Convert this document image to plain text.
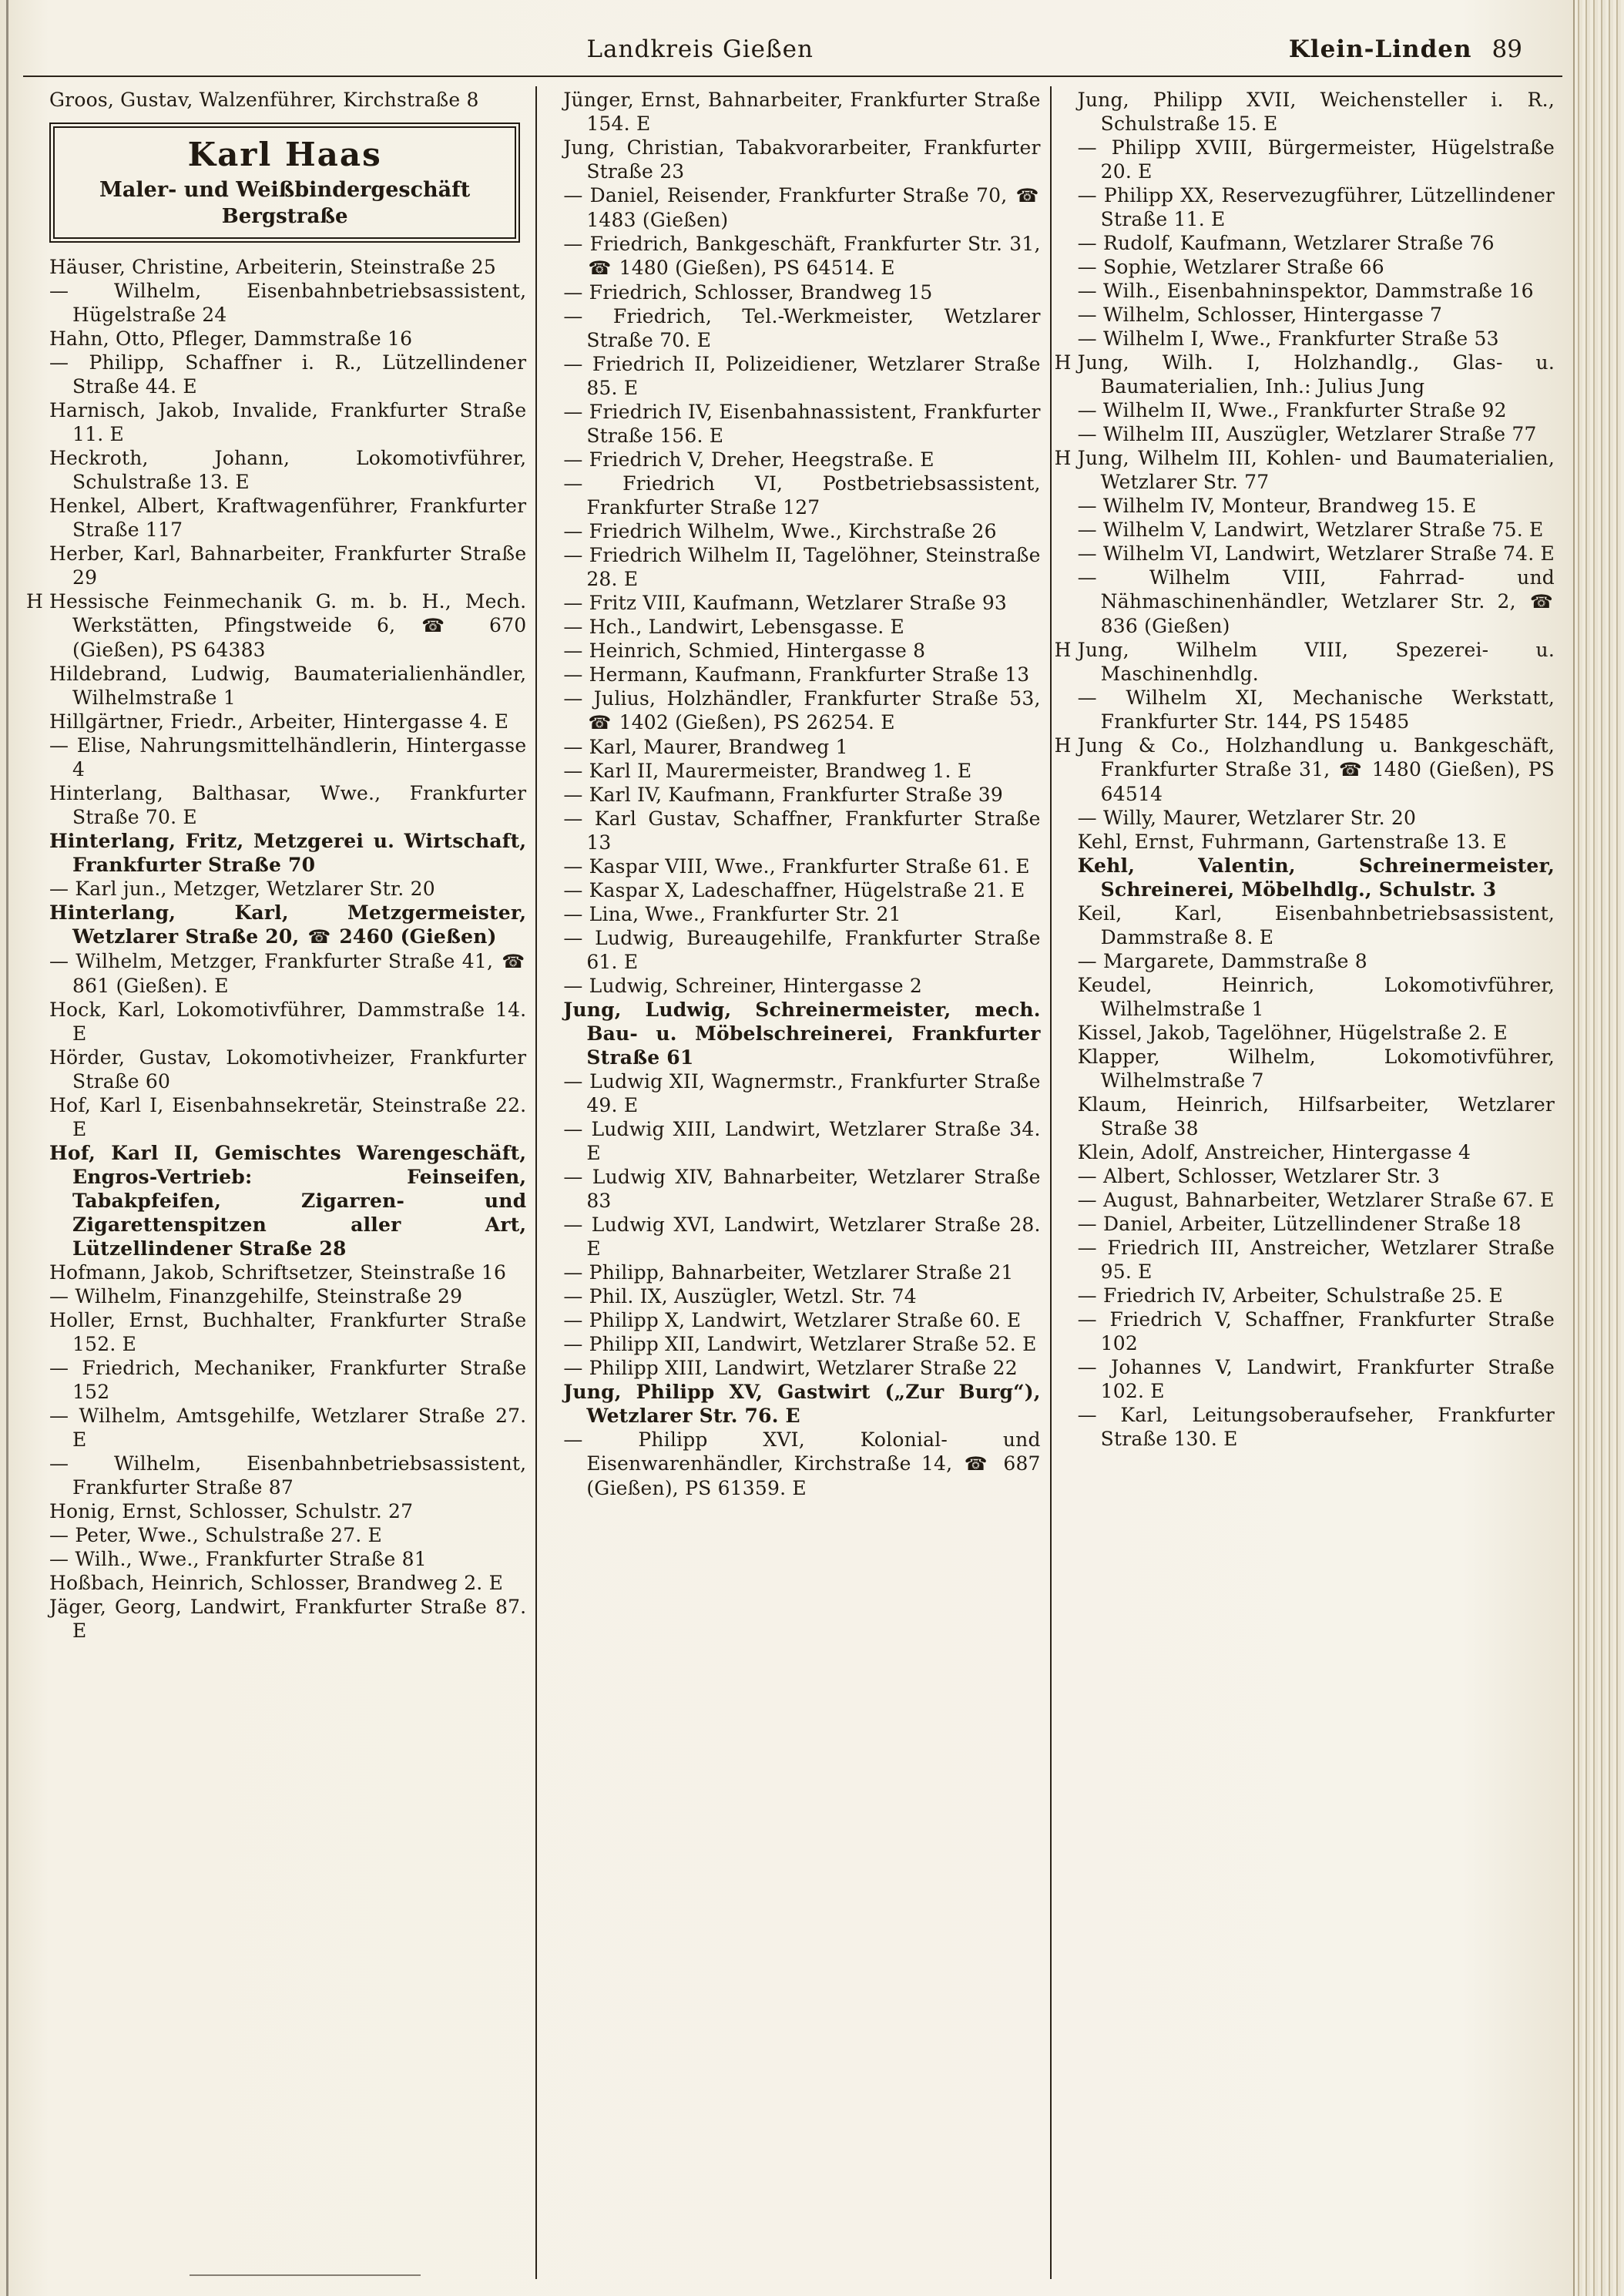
Landkreis Gießen	Klein-Linden 89
Groos, Gustav, Walzenführer, Kirchstraße 8
Karl Haas
Maler- und Weißbindergeschäft
Bergstraße
Häuser, Christine, Arbeiterin, Steinstraße 25
— Wilhelm, Eisenbahnbetriebsassistent, Hügelstraße 24
Hahn, Otto, Pfleger, Dammstraße 16
— Philipp, Schaffner i. R., Lützellindener Straße 44. E
Harnisch, Jakob, Invalide, Frankfurter Straße 11. E
Heckroth, Johann, Lokomotivführer, Schulstraße 13. E
Henkel, Albert, Kraftwagenführer, Frankfurter Straße 117
Herber, Karl, Bahnarbeiter, Frankfurter Straße 29
H Hessische Feinmechanik G. m. b. H., Mech. Werkstätten, Pfingstweide 6, ☎ 670 (Gießen), PS 64383
Hildebrand, Ludwig, Baumaterialienhändler, Wilhelmstraße 1
Hillgärtner, Friedr., Arbeiter, Hintergasse 4. E
— Elise, Nahrungsmittelhändlerin, Hintergasse 4
Hinterlang, Balthasar, Wwe., Frankfurter Straße 70. E
Hinterlang, Fritz, Metzgerei u. Wirtschaft, Frankfurter Straße 70
— Karl jun., Metzger, Wetzlarer Str. 20
Hinterlang, Karl, Metzgermeister, Wetzlarer Straße 20, ☎ 2460 (Gießen)
— Wilhelm, Metzger, Frankfurter Straße 41, ☎ 861 (Gießen). E
Hock, Karl, Lokomotivführer, Dammstraße 14. E
Hörder, Gustav, Lokomotivheizer, Frankfurter Straße 60
Hof, Karl I, Eisenbahnsekretär, Steinstraße 22. E
Hof, Karl II, Gemischtes Warengeschäft, Engros-Vertrieb: Feinseifen, Tabakpfeifen, Zigarren- und Zigarettenspitzen aller Art, Lützellindener Straße 28
Hofmann, Jakob, Schriftsetzer, Steinstraße 16
— Wilhelm, Finanzgehilfe, Steinstraße 29
Holler, Ernst, Buchhalter, Frankfurter Straße 152. E
— Friedrich, Mechaniker, Frankfurter Straße 152
— Wilhelm, Amtsgehilfe, Wetzlarer Straße 27. E
— Wilhelm, Eisenbahnbetriebsassistent, Frankfurter Straße 87
Honig, Ernst, Schlosser, Schulstr. 27
— Peter, Wwe., Schulstraße 27. E
— Wilh., Wwe., Frankfurter Straße 81
Hoßbach, Heinrich, Schlosser, Brandweg 2. E
Jäger, Georg, Landwirt, Frankfurter Straße 87. E
Jünger, Ernst, Bahnarbeiter, Frankfurter Straße 154. E
Jung, Christian, Tabakvorarbeiter, Frankfurter Straße 23
— Daniel, Reisender, Frankfurter Straße 70, ☎ 1483 (Gießen)
— Friedrich, Bankgeschäft, Frankfurter Str. 31, ☎ 1480 (Gießen), PS 64514. E
— Friedrich, Schlosser, Brandweg 15
— Friedrich, Tel.-Werkmeister, Wetzlarer Straße 70. E
— Friedrich II, Polizeidiener, Wetzlarer Straße 85. E
— Friedrich IV, Eisenbahnassistent, Frankfurter Straße 156. E
— Friedrich V, Dreher, Heegstraße. E
— Friedrich VI, Postbetriebsassistent, Frankfurter Straße 127
— Friedrich Wilhelm, Wwe., Kirchstraße 26
— Friedrich Wilhelm II, Tagelöhner, Steinstraße 28. E
— Fritz VIII, Kaufmann, Wetzlarer Straße 93
— Hch., Landwirt, Lebensgasse. E
— Heinrich, Schmied, Hintergasse 8
— Hermann, Kaufmann, Frankfurter Straße 13
— Julius, Holzhändler, Frankfurter Straße 53, ☎ 1402 (Gießen), PS 26254. E
— Karl, Maurer, Brandweg 1
— Karl II, Maurermeister, Brandweg 1. E
— Karl IV, Kaufmann, Frankfurter Straße 39
— Karl Gustav, Schaffner, Frankfurter Straße 13
— Kaspar VIII, Wwe., Frankfurter Straße 61. E
— Kaspar X, Ladeschaffner, Hügelstraße 21. E
— Lina, Wwe., Frankfurter Str. 21
— Ludwig, Bureaugehilfe, Frankfurter Straße 61. E
— Ludwig, Schreiner, Hintergasse 2
Jung, Ludwig, Schreinermeister, mech. Bau- u. Möbelschreinerei, Frankfurter Straße 61
— Ludwig XII, Wagnermstr., Frankfurter Straße 49. E
— Ludwig XIII, Landwirt, Wetzlarer Straße 34. E
— Ludwig XIV, Bahnarbeiter, Wetzlarer Straße 83
— Ludwig XVI, Landwirt, Wetzlarer Straße 28. E
— Philipp, Bahnarbeiter, Wetzlarer Straße 21
— Phil. IX, Auszügler, Wetzl. Str. 74
— Philipp X, Landwirt, Wetzlarer Straße 60. E
— Philipp XII, Landwirt, Wetzlarer Straße 52. E
— Philipp XIII, Landwirt, Wetzlarer Straße 22
Jung, Philipp XV, Gastwirt („Zur Burg“), Wetzlarer Str. 76. E
— Philipp XVI, Kolonial- und Eisenwarenhändler, Kirchstraße 14, ☎ 687 (Gießen), PS 61359. E
Jung, Philipp XVII, Weichensteller i. R., Schulstraße 15. E
— Philipp XVIII, Bürgermeister, Hügelstraße 20. E
— Philipp XX, Reservezugführer, Lützellindener Straße 11. E
— Rudolf, Kaufmann, Wetzlarer Straße 76
— Sophie, Wetzlarer Straße 66
— Wilh., Eisenbahninspektor, Dammstraße 16
— Wilhelm, Schlosser, Hintergasse 7
— Wilhelm I, Wwe., Frankfurter Straße 53
H Jung, Wilh. I, Holzhandlg., Glas- u. Baumaterialien, Inh.: Julius Jung
— Wilhelm II, Wwe., Frankfurter Straße 92
— Wilhelm III, Auszügler, Wetzlarer Straße 77
H Jung, Wilhelm III, Kohlen- und Baumaterialien, Wetzlarer Str. 77
— Wilhelm IV, Monteur, Brandweg 15. E
— Wilhelm V, Landwirt, Wetzlarer Straße 75. E
— Wilhelm VI, Landwirt, Wetzlarer Straße 74. E
— Wilhelm VIII, Fahrrad- und Nähmaschinenhändler, Wetzlarer Str. 2, ☎ 836 (Gießen)
H Jung, Wilhelm VIII, Spezerei- u. Maschinenhdlg.
— Wilhelm XI, Mechanische Werkstatt, Frankfurter Str. 144, PS 15485
H Jung & Co., Holzhandlung u. Bankgeschäft, Frankfurter Straße 31, ☎ 1480 (Gießen), PS 64514
— Willy, Maurer, Wetzlarer Str. 20
Kehl, Ernst, Fuhrmann, Gartenstraße 13. E
Kehl, Valentin, Schreinermeister, Schreinerei, Möbelhdlg., Schulstr. 3
Keil, Karl, Eisenbahnbetriebsassistent, Dammstraße 8. E
— Margarete, Dammstraße 8
Keudel, Heinrich, Lokomotivführer, Wilhelmstraße 1
Kissel, Jakob, Tagelöhner, Hügelstraße 2. E
Klapper, Wilhelm, Lokomotivführer, Wilhelmstraße 7
Klaum, Heinrich, Hilfsarbeiter, Wetzlarer Straße 38
Klein, Adolf, Anstreicher, Hintergasse 4
— Albert, Schlosser, Wetzlarer Str. 3
— August, Bahnarbeiter, Wetzlarer Straße 67. E
— Daniel, Arbeiter, Lützellindener Straße 18
— Friedrich III, Anstreicher, Wetzlarer Straße 95. E
— Friedrich IV, Arbeiter, Schulstraße 25. E
— Friedrich V, Schaffner, Frankfurter Straße 102
— Johannes V, Landwirt, Frankfurter Straße 102. E
— Karl, Leitungsoberaufseher, Frankfurter Straße 130. E
